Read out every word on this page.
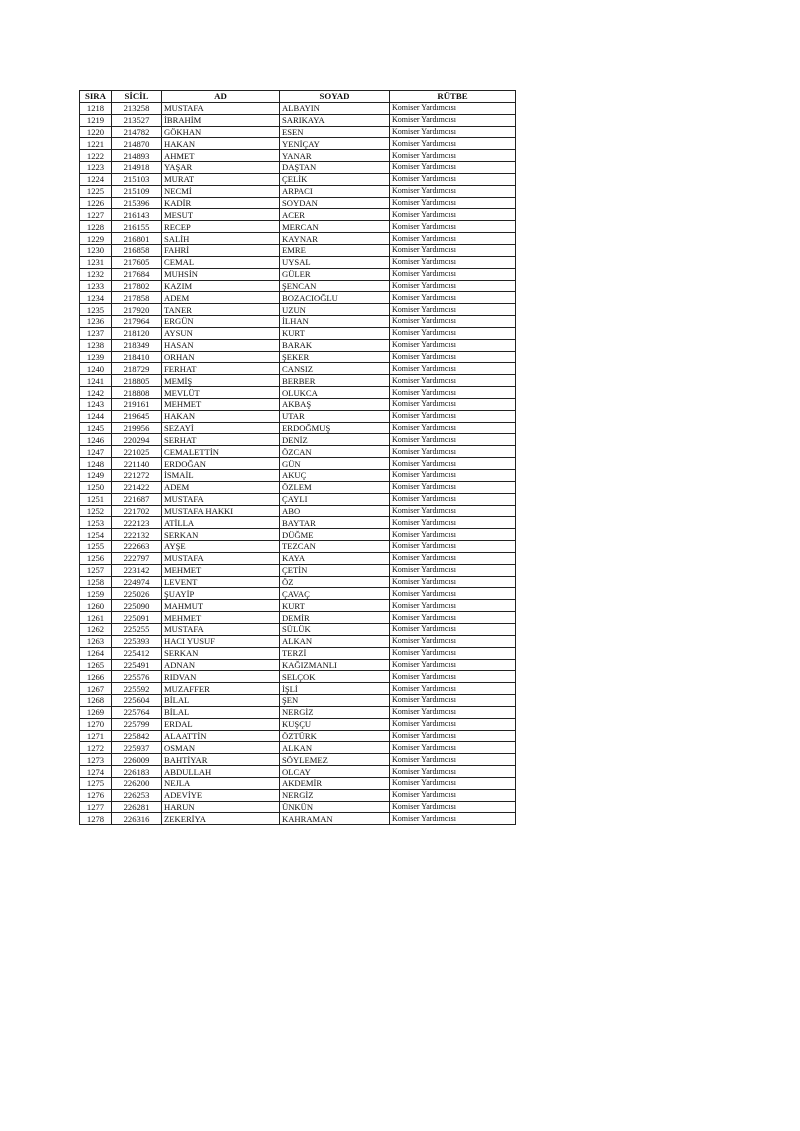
SIRA	SİCİL	AD	SOYAD	RÜTBE
1218	213258	MUSTAFA	ALBAYIN	Komiser Yardımcısı
1219	213527	İBRAHİM	SARIKAYA	Komiser Yardımcısı
1220	214782	GÖKHAN	ESEN	Komiser Yardımcısı
1221	214870	HAKAN	YENİÇAY	Komiser Yardımcısı
1222	214893	AHMET	YANAR	Komiser Yardımcısı
1223	214918	YAŞAR	DAŞTAN	Komiser Yardımcısı
1224	215103	MURAT	ÇELİK	Komiser Yardımcısı
1225	215109	NECMİ	ARPACI	Komiser Yardımcısı
1226	215396	KADİR	SOYDAN	Komiser Yardımcısı
1227	216143	MESUT	ACER	Komiser Yardımcısı
1228	216155	RECEP	MERCAN	Komiser Yardımcısı
1229	216801	SALİH	KAYNAR	Komiser Yardımcısı
1230	216858	FAHRİ	EMRE	Komiser Yardımcısı
1231	217605	CEMAL	UYSAL	Komiser Yardımcısı
1232	217684	MUHSİN	GÜLER	Komiser Yardımcısı
1233	217802	KAZIM	ŞENCAN	Komiser Yardımcısı
1234	217858	ADEM	BOZACIOĞLU	Komiser Yardımcısı
1235	217920	TANER	UZUN	Komiser Yardımcısı
1236	217964	ERGÜN	İLHAN	Komiser Yardımcısı
1237	218120	AYSUN	KURT	Komiser Yardımcısı
1238	218349	HASAN	BARAK	Komiser Yardımcısı
1239	218410	ORHAN	ŞEKER	Komiser Yardımcısı
1240	218729	FERHAT	CANSIZ	Komiser Yardımcısı
1241	218805	MEMİŞ	BERBER	Komiser Yardımcısı
1242	218808	MEVLÜT	OLUKCA	Komiser Yardımcısı
1243	219161	MEHMET	AKBAŞ	Komiser Yardımcısı
1244	219645	HAKAN	UTAR	Komiser Yardımcısı
1245	219956	SEZAYİ	ERDOĞMUŞ	Komiser Yardımcısı
1246	220294	SERHAT	DENİZ	Komiser Yardımcısı
1247	221025	CEMALETTİN	ÖZCAN	Komiser Yardımcısı
1248	221140	ERDOĞAN	GÜN	Komiser Yardımcısı
1249	221272	İSMAİL	AKUÇ	Komiser Yardımcısı
1250	221422	ADEM	ÖZLEM	Komiser Yardımcısı
1251	221687	MUSTAFA	ÇAYLI	Komiser Yardımcısı
1252	221702	MUSTAFA HAKKI	ABO	Komiser Yardımcısı
1253	222123	ATİLLA	BAYTAR	Komiser Yardımcısı
1254	222132	SERKAN	DÜĞME	Komiser Yardımcısı
1255	222663	AYŞE	TEZCAN	Komiser Yardımcısı
1256	222797	MUSTAFA	KAYA	Komiser Yardımcısı
1257	223142	MEHMET	ÇETİN	Komiser Yardımcısı
1258	224974	LEVENT	ÖZ	Komiser Yardımcısı
1259	225026	ŞUAYİP	ÇAVAÇ	Komiser Yardımcısı
1260	225090	MAHMUT	KURT	Komiser Yardımcısı
1261	225091	MEHMET	DEMİR	Komiser Yardımcısı
1262	225255	MUSTAFA	SÜLÜK	Komiser Yardımcısı
1263	225393	HACI YUSUF	ALKAN	Komiser Yardımcısı
1264	225412	SERKAN	TERZİ	Komiser Yardımcısı
1265	225491	ADNAN	KAĞIZMANLI	Komiser Yardımcısı
1266	225576	RIDVAN	SELÇOK	Komiser Yardımcısı
1267	225592	MUZAFFER	İŞLİ	Komiser Yardımcısı
1268	225604	BİLAL	ŞEN	Komiser Yardımcısı
1269	225764	BİLAL	NERGİZ	Komiser Yardımcısı
1270	225799	ERDAL	KUŞÇU	Komiser Yardımcısı
1271	225842	ALAATTİN	ÖZTÜRK	Komiser Yardımcısı
1272	225937	OSMAN	ALKAN	Komiser Yardımcısı
1273	226009	BAHTİYAR	SÖYLEMEZ	Komiser Yardımcısı
1274	226183	ABDULLAH	OLCAY	Komiser Yardımcısı
1275	226200	NEJLA	AKDEMİR	Komiser Yardımcısı
1276	226253	ADEVİYE	NERGİZ	Komiser Yardımcısı
1277	226281	HARUN	ÜNKÜN	Komiser Yardımcısı
1278	226316	ZEKERİYA	KAHRAMAN	Komiser Yardımcısı
